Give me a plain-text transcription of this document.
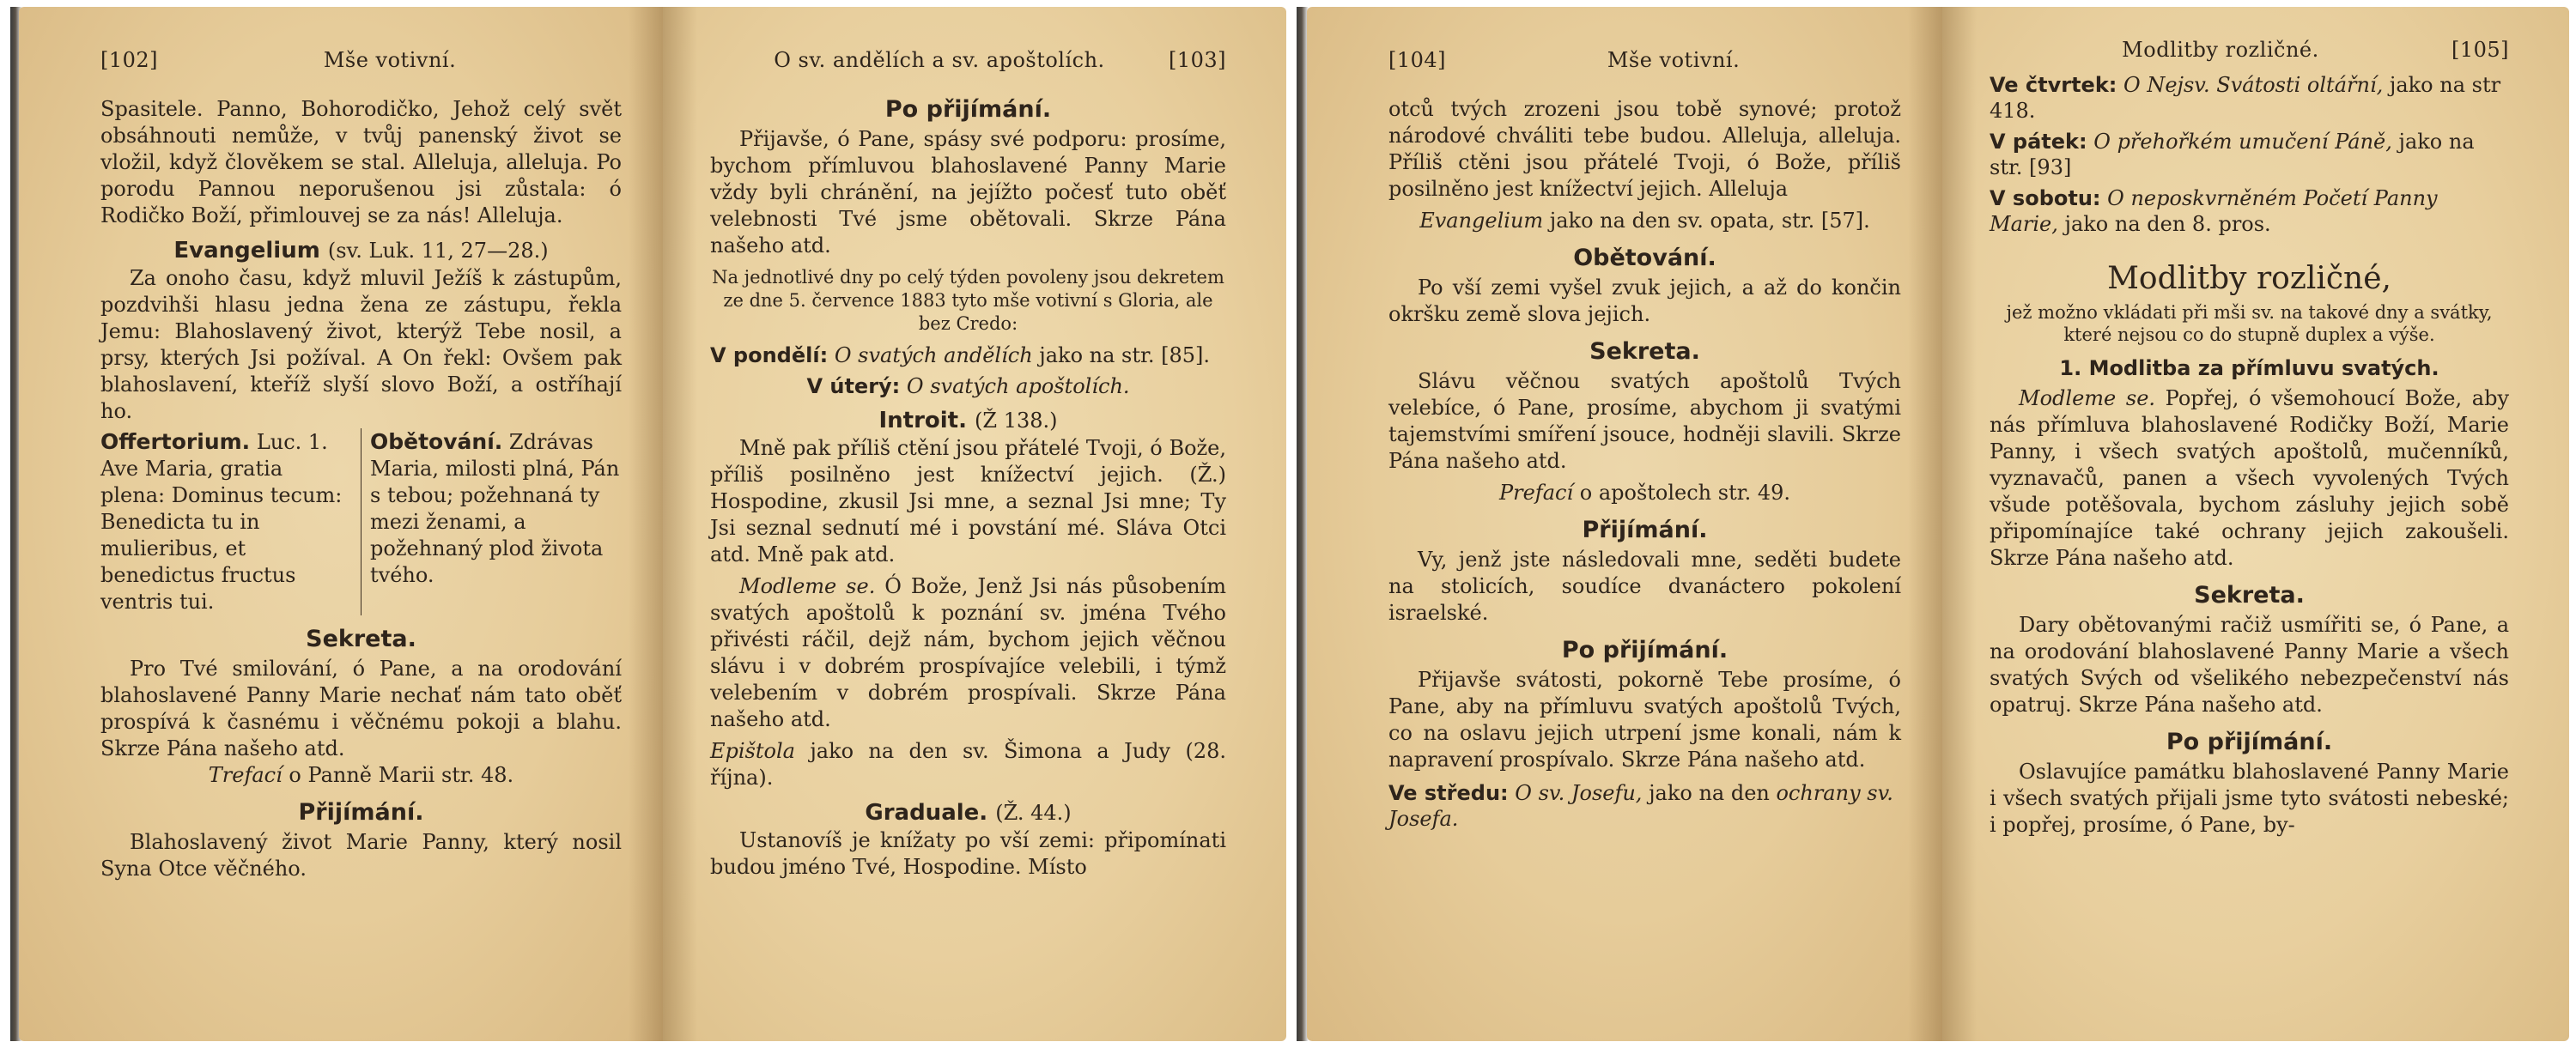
[102]	Mše votivní.

Spasitele. Panno, Bohorodičko, Jehož celý svět obsáhnouti nemůže, v tvůj panenský život se vložil, když člověkem se stal. Alleluja, alleluja. Po porodu Pannou neporušenou jsi zůstala: ó Rodičko Boží, přimlouvej se za nás! Alleluja.

Evangelium (sv. Luk. 11, 27—28.)

Za onoho času, když mluvil Ježíš k zástupům, pozdvihši hlasu jedna žena ze zástupu, řekla Jemu: Blahoslavený život, kterýž Tebe nosil, a prsy, kterých Jsi požíval. A On řekl: Ovšem pak blahoslavení, kteříž slyší slovo Boží, a ostříhají ho.

Offertorium. Luc. 1. Ave Maria, gratia plena: Dominus tecum: Benedicta tu in mulieribus, et benedictus fructus ventris tui.
Obětování. Zdrávas Maria, milosti plná, Pán s tebou; požehnaná ty mezi ženami, a požehnaný plod života tvého.
Sekreta.

Pro Tvé smilování, ó Pane, a na orodování blahoslavené Panny Marie nechať nám tato oběť prospívá k časnému i věčnému pokoji a blahu. Skrze Pána našeho atd.

Trefací o Panně Marii str. 48.

Přijímání.

Blahoslavený život Marie Panny, který nosil Syna Otce věčného.

O sv. andělích a sv. apoštolích.	[103]
Po přijímání.

Přijavše, ó Pane, spásy své podporu: prosíme, bychom přímluvou blahoslavené Panny Marie vždy byli chránění, na jejížto počesť tuto oběť velebnosti Tvé jsme obětovali. Skrze Pána našeho atd.

Na jednotlivé dny po celý týden povoleny jsou dekretem ze dne 5. července 1883 tyto mše votivní s Gloria, ale bez Credo:

V pondělí: O svatých andělích jako na str. [85].

V úterý: O svatých apoštolích.

Introit. (Ž 138.)

Mně pak příliš ctění jsou přátelé Tvoji, ó Bože, příliš posilněno jest knížectví jejich. (Ž.) Hospodine, zkusil Jsi mne, a seznal Jsi mne; Ty Jsi seznal sednutí mé i povstání mé. Sláva Otci atd. Mně pak atd.

Modleme se. Ó Bože, Jenž Jsi nás působením svatých apoštolů k poznání sv. jména Tvého přivésti ráčil, dejž nám, bychom jejich věčnou slávu i v dobrém prospívajíce velebili, i týmž velebením v dobrém prospívali. Skrze Pána našeho atd.

Epištola jako na den sv. Šimona a Judy (28. října).

Graduale. (Ž. 44.)

Ustanovíš je knížaty po vší zemi: připomínati budou jméno Tvé, Hospodine. Místo

[104]	Mše votivní.

otců tvých zrozeni jsou tobě synové; protož národové chváliti tebe budou. Alleluja, alleluja. Příliš ctěni jsou přátelé Tvoji, ó Bože, příliš posilněno jest knížectví jejich. Alleluja

Evangelium jako na den sv. opata, str. [57].

Obětování.

Po vší zemi vyšel zvuk jejich, a až do končin okršku země slova jejich.

Sekreta.

Slávu věčnou svatých apoštolů Tvých velebíce, ó Pane, prosíme, abychom ji svatými tajemstvími smíření jsouce, hodněji slavili. Skrze Pána našeho atd.

Prefací o apoštolech str. 49.

Přijímání.

Vy, jenž jste následovali mne, seděti budete na stolicích, soudíce dvanáctero pokolení israelské.

Po přijímání.

Přijavše svátosti, pokorně Tebe prosíme, ó Pane, aby na přímluvu svatých apoštolů Tvých, co na oslavu jejich utrpení jsme konali, nám k napravení prospívalo. Skrze Pána našeho atd.

Ve středu: O sv. Josefu, jako na den ochrany sv. Josefa.

Modlitby rozličné.	[105]

Ve čtvrtek: O Nejsv. Svátosti oltářní, jako na str 418.

V pátek: O přehořkém umučení Páně, jako na str. [93]

V sobotu: O neposkvrněném Početí Panny Marie, jako na den 8. pros.

Modlitby rozličné,

jež možno vkládati při mši sv. na takové dny a svátky, které nejsou co do stupně duplex a výše.

1. Modlitba za přímluvu svatých.

Modleme se. Popřej, ó všemohoucí Bože, aby nás přímluva blahoslavené Rodičky Boží, Marie Panny, i všech svatých apoštolů, mučenníků, vyznavačů, panen a všech vyvolených Tvých všude potěšovala, bychom zásluhy jejich sobě připomínajíce také ochrany jejich zakoušeli. Skrze Pána našeho atd.

Sekreta.

Dary obětovanými račiž usmířiti se, ó Pane, a na orodování blahoslavené Panny Marie a všech svatých Svých od všelikého nebezpečenství nás opatruj. Skrze Pána našeho atd.

Po přijímání.

Oslavujíce památku blahoslavené Panny Marie i všech svatých přijali jsme tyto svátosti nebeské; i popřej, prosíme, ó Pane, by-
